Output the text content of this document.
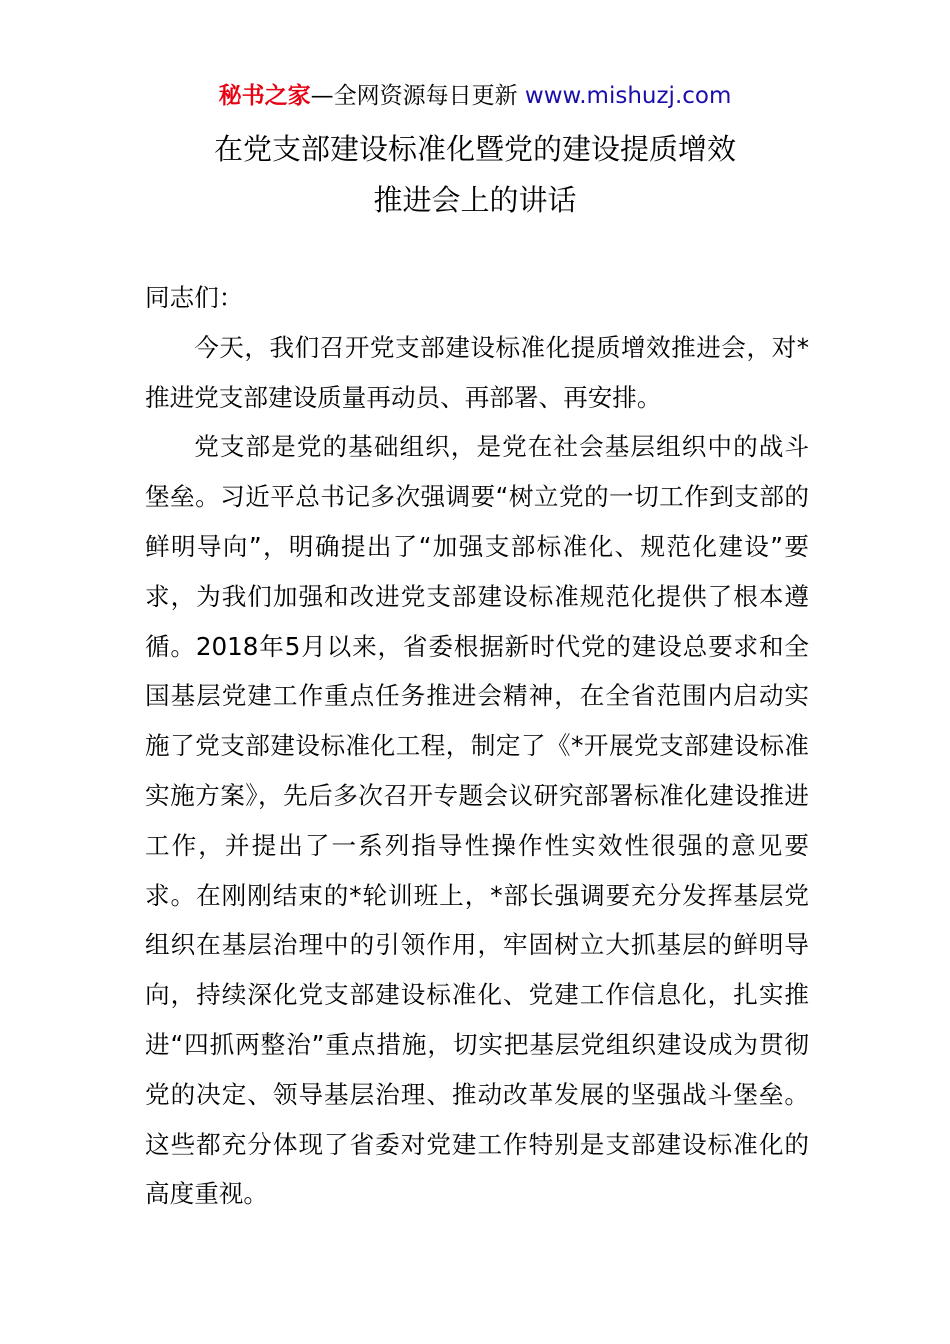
秘书之家—全网资源每日更新 www.mishuzj.com
在党支部建设标准化暨党的建设提质增效
推进会上的讲话

同志们：

今天，我们召开党支部建设标准化提质增效推进会，对*推进党支部建设质量再动员、再部署、再安排。

党支部是党的基础组织，是党在社会基层组织中的战斗堡垒。习近平总书记多次强调要“树立党的一切工作到支部的鲜明导向”，明确提出了“加强支部标准化、规范化建设”要求，为我们加强和改进党支部建设标准规范化提供了根本遵循。2018年5月以来，省委根据新时代党的建设总要求和全国基层党建工作重点任务推进会精神，在全省范围内启动实施了党支部建设标准化工程，制定了《*开展党支部建设标准实施方案》，先后多次召开专题会议研究部署标准化建设推进工作，并提出了一系列指导性操作性实效性很强的意见要求。在刚刚结束的*轮训班上，*部长强调要充分发挥基层党组织在基层治理中的引领作用，牢固树立大抓基层的鲜明导向，持续深化党支部建设标准化、党建工作信息化，扎实推进“四抓两整治”重点措施，切实把基层党组织建设成为贯彻党的决定、领导基层治理、推动改革发展的坚强战斗堡垒。这些都充分体现了省委对党建工作特别是支部建设标准化的高度重视。
